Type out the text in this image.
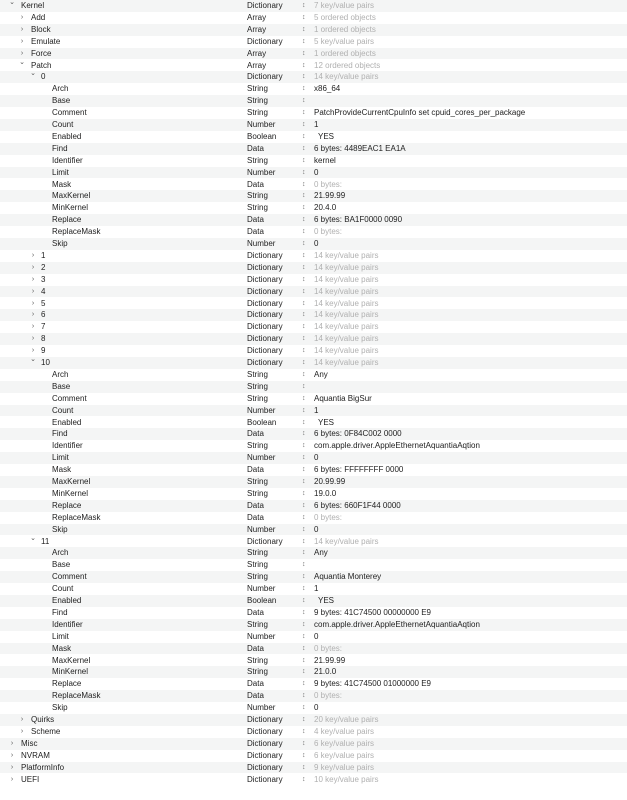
⌄ Kernel	Dictionary	↕ 7 key/value pairs
› Add	Array	↕ 5 ordered objects
› Block	Array	↕ 1 ordered objects
› Emulate	Dictionary	↕ 5 key/value pairs
› Force	Array	↕ 1 ordered objects
⌄ Patch	Array	↕ 12 ordered objects
⌄ 0	Dictionary	↕ 14 key/value pairs
Arch	String	↕ x86_64
Base	String	↕
Comment	String	↕ PatchProvideCurrentCpuInfo set cpuid_cores_per_package
Count	Number	↕ 1
Enabled	Boolean	↕ YES
Find	Data	↕ 6 bytes: 4489EAC1 EA1A
Identifier	String	↕ kernel
Limit	Number	↕ 0
Mask	Data	↕ 0 bytes:
MaxKernel	String	↕ 21.99.99
MinKernel	String	↕ 20.4.0
Replace	Data	↕ 6 bytes: BA1F0000 0090
ReplaceMask	Data	↕ 0 bytes:
Skip	Number	↕ 0
› 1	Dictionary	↕ 14 key/value pairs
› 2	Dictionary	↕ 14 key/value pairs
› 3	Dictionary	↕ 14 key/value pairs
› 4	Dictionary	↕ 14 key/value pairs
› 5	Dictionary	↕ 14 key/value pairs
› 6	Dictionary	↕ 14 key/value pairs
› 7	Dictionary	↕ 14 key/value pairs
› 8	Dictionary	↕ 14 key/value pairs
› 9	Dictionary	↕ 14 key/value pairs
⌄ 10	Dictionary	↕ 14 key/value pairs
Arch	String	↕ Any
Base	String	↕
Comment	String	↕ Aquantia BigSur
Count	Number	↕ 1
Enabled	Boolean	↕ YES
Find	Data	↕ 6 bytes: 0F84C002 0000
Identifier	String	↕ com.apple.driver.AppleEthernetAquantiaAqtion
Limit	Number	↕ 0
Mask	Data	↕ 6 bytes: FFFFFFFF 0000
MaxKernel	String	↕ 20.99.99
MinKernel	String	↕ 19.0.0
Replace	Data	↕ 6 bytes: 660F1F44 0000
ReplaceMask	Data	↕ 0 bytes:
Skip	Number	↕ 0
⌄ 11	Dictionary	↕ 14 key/value pairs
Arch	String	↕ Any
Base	String	↕
Comment	String	↕ Aquantia Monterey
Count	Number	↕ 1
Enabled	Boolean	↕ YES
Find	Data	↕ 9 bytes: 41C74500 00000000 E9
Identifier	String	↕ com.apple.driver.AppleEthernetAquantiaAqtion
Limit	Number	↕ 0
Mask	Data	↕ 0 bytes:
MaxKernel	String	↕ 21.99.99
MinKernel	String	↕ 21.0.0
Replace	Data	↕ 9 bytes: 41C74500 01000000 E9
ReplaceMask	Data	↕ 0 bytes:
Skip	Number	↕ 0
› Quirks	Dictionary	↕ 20 key/value pairs
› Scheme	Dictionary	↕ 4 key/value pairs
› Misc	Dictionary	↕ 6 key/value pairs
› NVRAM	Dictionary	↕ 6 key/value pairs
› PlatformInfo	Dictionary	↕ 9 key/value pairs
› UEFI	Dictionary	↕ 10 key/value pairs
